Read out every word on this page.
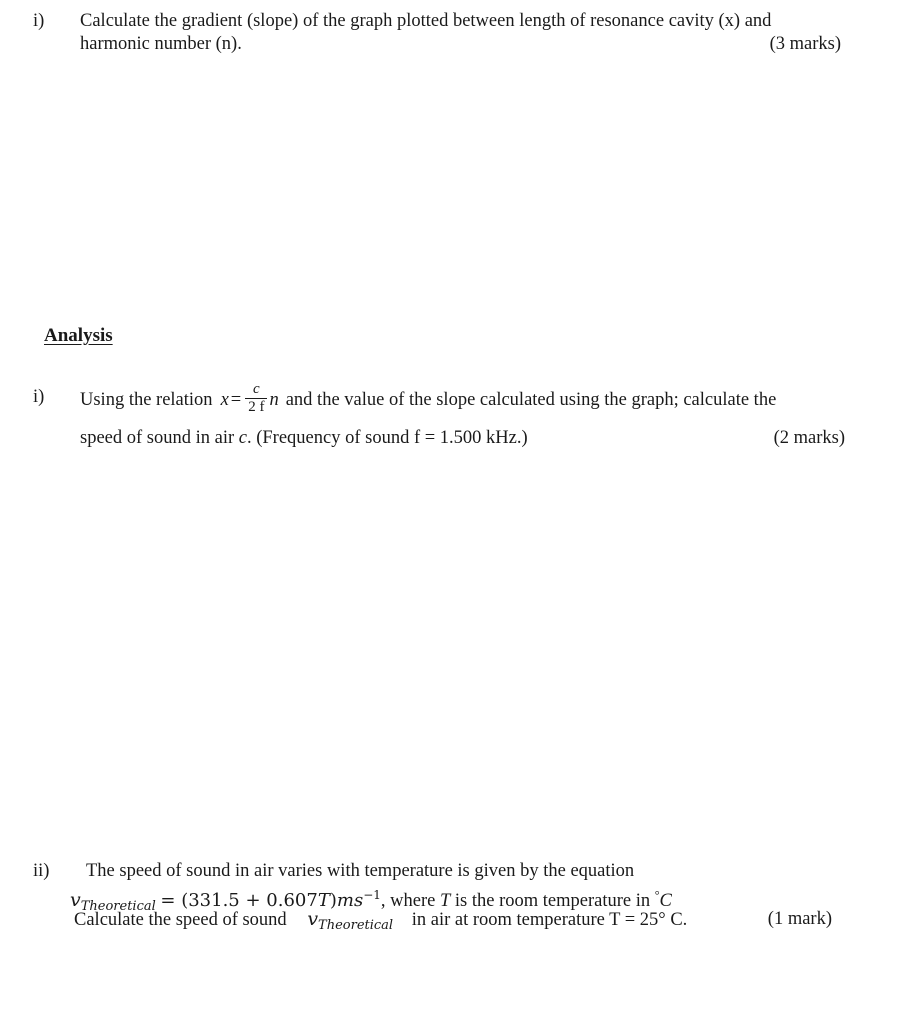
i) Calculate the gradient (slope) of the graph plotted between length of resonance cavity (x) and
harmonic number (n).	(3 marks)
Analysis
i) Using the relation $x = \frac{c}{2 f}$ n and the value of the slope calculated using the graph; calculate the
speed of sound in air c. (Frequency of sound f = 1.500 kHz.)	(2 marks)
ii) The speed of sound in air varies with temperature is given by the equation
$v_{Theoretical} = (331.5 + 0.607T)ms^{-1}$, where T is the room temperature in °C
Calculate the speed of sound $v_{Theoretical}$ in air at room temperature T = 25° C.	(1 mark)
